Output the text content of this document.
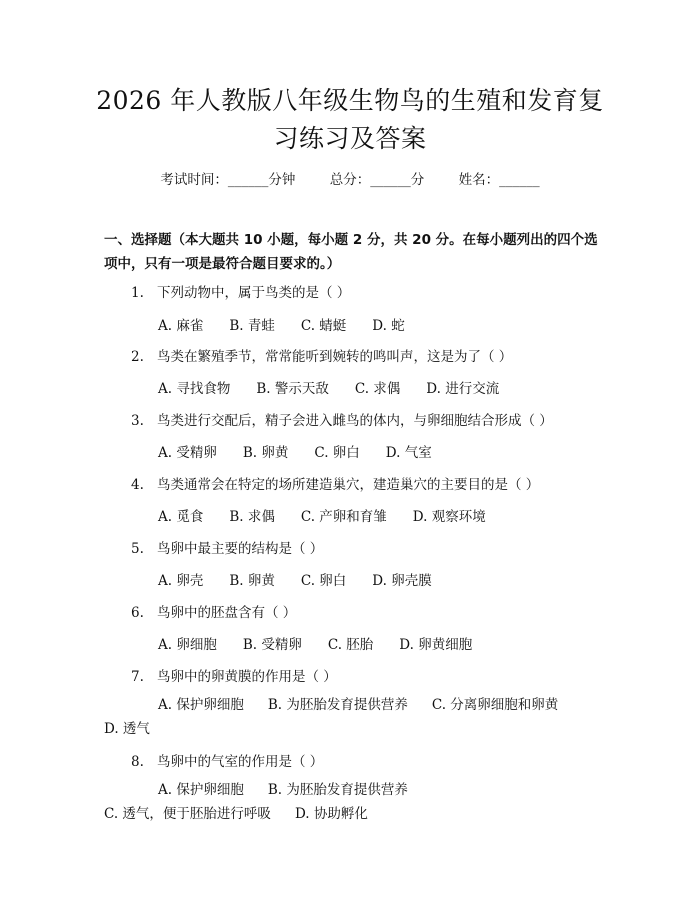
2026 年人教版八年级生物鸟的生殖和发育复
习练习及答案
考试时间：______分钟	总分：______分	姓名：______
一、选择题（本大题共 10 小题，每小题 2 分，共 20 分。在每小题列出的四个选项中，只有一项是最符合题目要求的。）
1. 下列动物中，属于鸟类的是（ ）
A. 麻雀 B. 青蛙 C. 蜻蜓 D. 蛇
2. 鸟类在繁殖季节，常常能听到婉转的鸣叫声，这是为了（ ）
A. 寻找食物 B. 警示天敌 C. 求偶 D. 进行交流
3. 鸟类进行交配后，精子会进入雌鸟的体内，与卵细胞结合形成（ ）
A. 受精卵 B. 卵黄 C. 卵白 D. 气室
4. 鸟类通常会在特定的场所建造巢穴，建造巢穴的主要目的是（ ）
A. 觅食 B. 求偶 C. 产卵和育雏 D. 观察环境
5. 鸟卵中最主要的结构是（ ）
A. 卵壳 B. 卵黄 C. 卵白 D. 卵壳膜
6. 鸟卵中的胚盘含有（ ）
A. 卵细胞 B. 受精卵 C. 胚胎 D. 卵黄细胞
7. 鸟卵中的卵黄膜的作用是（ ）
A. 保护卵细胞 B. 为胚胎发育提供营养 C. 分离卵细胞和卵黄D. 透气
8. 鸟卵中的气室的作用是（ ）
A. 保护卵细胞 B. 为胚胎发育提供营养C. 透气，便于胚胎进行呼吸 D. 协助孵化
